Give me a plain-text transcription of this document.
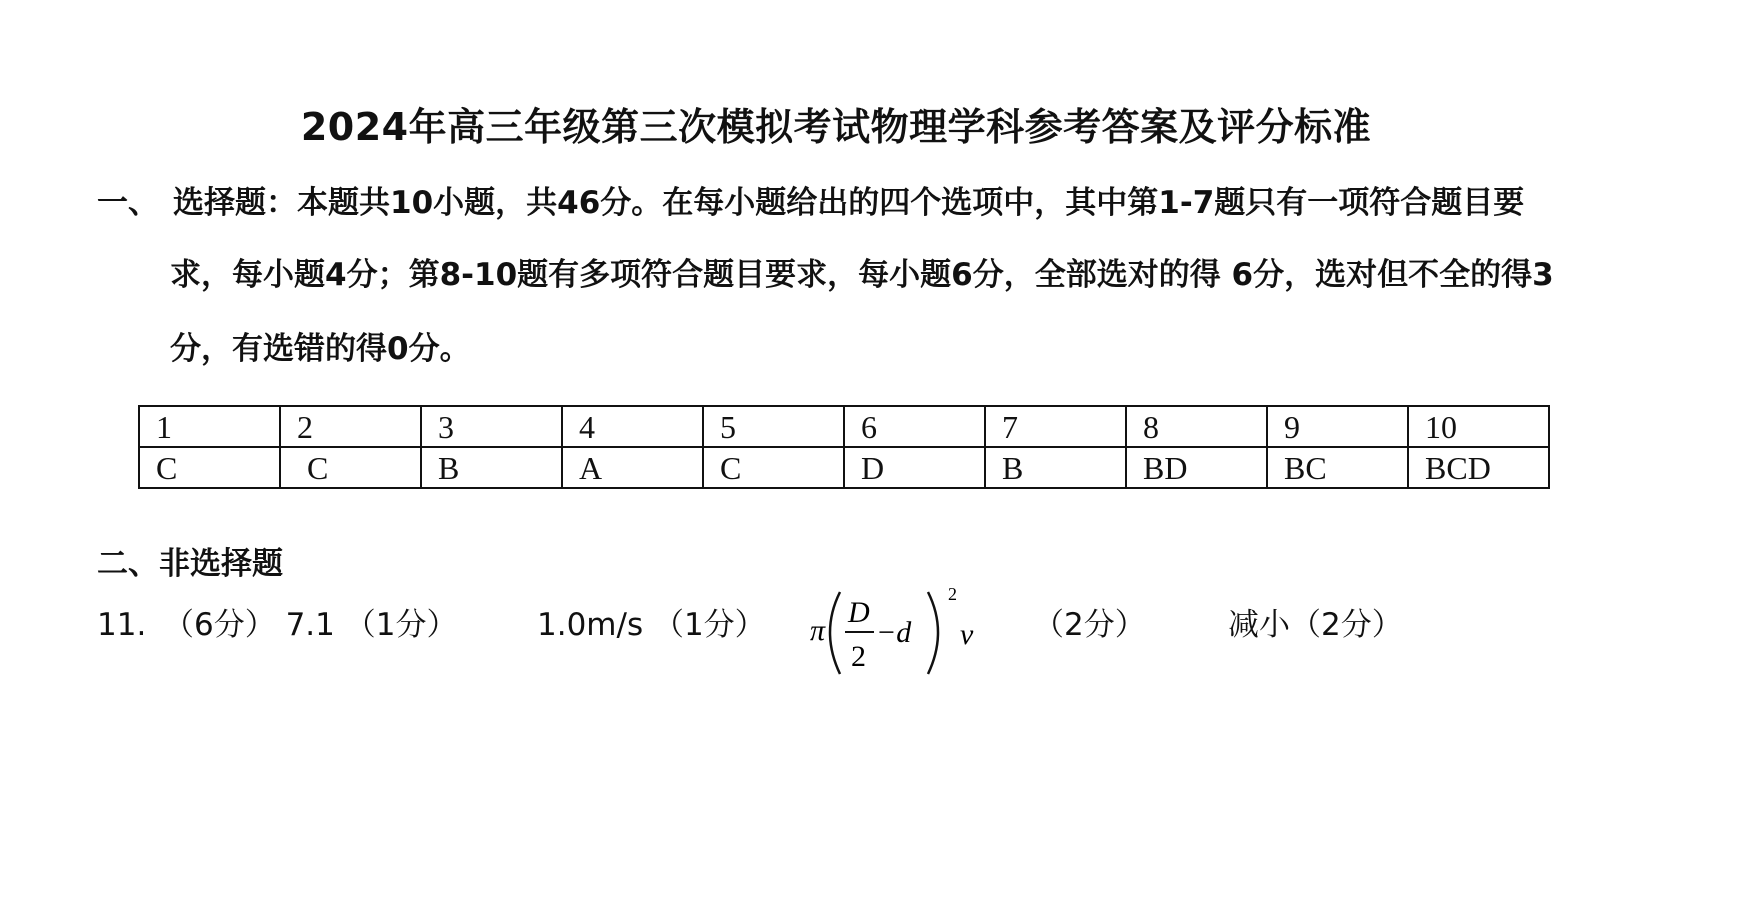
2024年高三年级第三次模拟考试物理学科参考答案及评分标准
一、 选择题：本题共10小题，共46分。在每小题给出的四个选项中，其中第1-7题只有一项符合题目要
求，每小题4分；第8-10题有多项符合题目要求，每小题6分，全部选对的得 6分，选对但不全的得3
分，有选错的得0分。
1	2	3	4	5	6	7	8	9	10
C	C	B	A	C	D	B	BD	BC	BCD
二、非选择题
11. （6分） 7.1 （1分）	1.0m/s （1分） π
D
2
−d
2
v （2分）	减小（2分）
